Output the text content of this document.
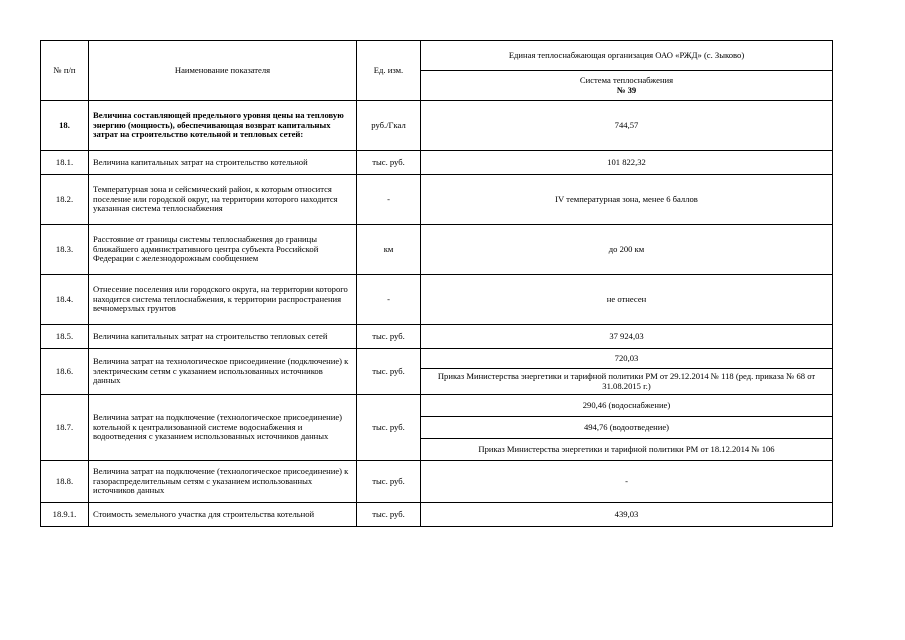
№ п/п	Наименование показателя	Ед. изм.	Единая теплоснабжающая организация ОАО «РЖД» (с. Зыково)

			Система теплоснабжения
№ 39

18.	Величина составляющей предельного уровня цены на тепловую энергию (мощность), обеспечивающая возврат капитальных затрат на строительство котельной и тепловых сетей:	руб./Гкал	744,57
18.1.	Величина капитальных затрат на строительство котельной	тыс. руб.	101 822,32
18.2.	Температурная зона и сейсмический район, к которым относится поселение или городской округ, на территории которого находится указанная система теплоснабжения	-	IV температурная зона, менее 6 баллов
18.3.	Расстояние от границы системы теплоснабжения до границы ближайшего административного центра субъекта Российской Федерации с железнодорожным сообщением	км	до 200 км
18.4.	Отнесение поселения или городского округа, на территории которого находится система теплоснабжения, к территории распространения вечномерзлых грунтов	-	не отнесен
18.5.	Величина капитальных затрат на строительство тепловых сетей	тыс. руб.	37 924,03
18.6.	Величина затрат на технологическое присоединение (подключение) к электрическим сетям с указанием использованных источников данных	тыс. руб.	720,03
			Приказ Министерства энергетики и тарифной политики РМ от 29.12.2014 № 118 (ред. приказа № 68 от 31.08.2015 г.)
18.7.	Величина затрат на подключение (технологическое присоединение) котельной к централизованной системе водоснабжения и водоотведения с указанием использованных источников данных	тыс. руб.	290,46 (водоснабжение)
			494,76 (водоотведение)
			Приказ Министерства энергетики и тарифной политики РМ от 18.12.2014 № 106
18.8.	Величина затрат на подключение (технологическое присоединение) к газораспределительным сетям с указанием использованных источников данных	тыс. руб.	-
18.9.1.	Стоимость земельного участка для строительства котельной	тыс. руб.	439,03
